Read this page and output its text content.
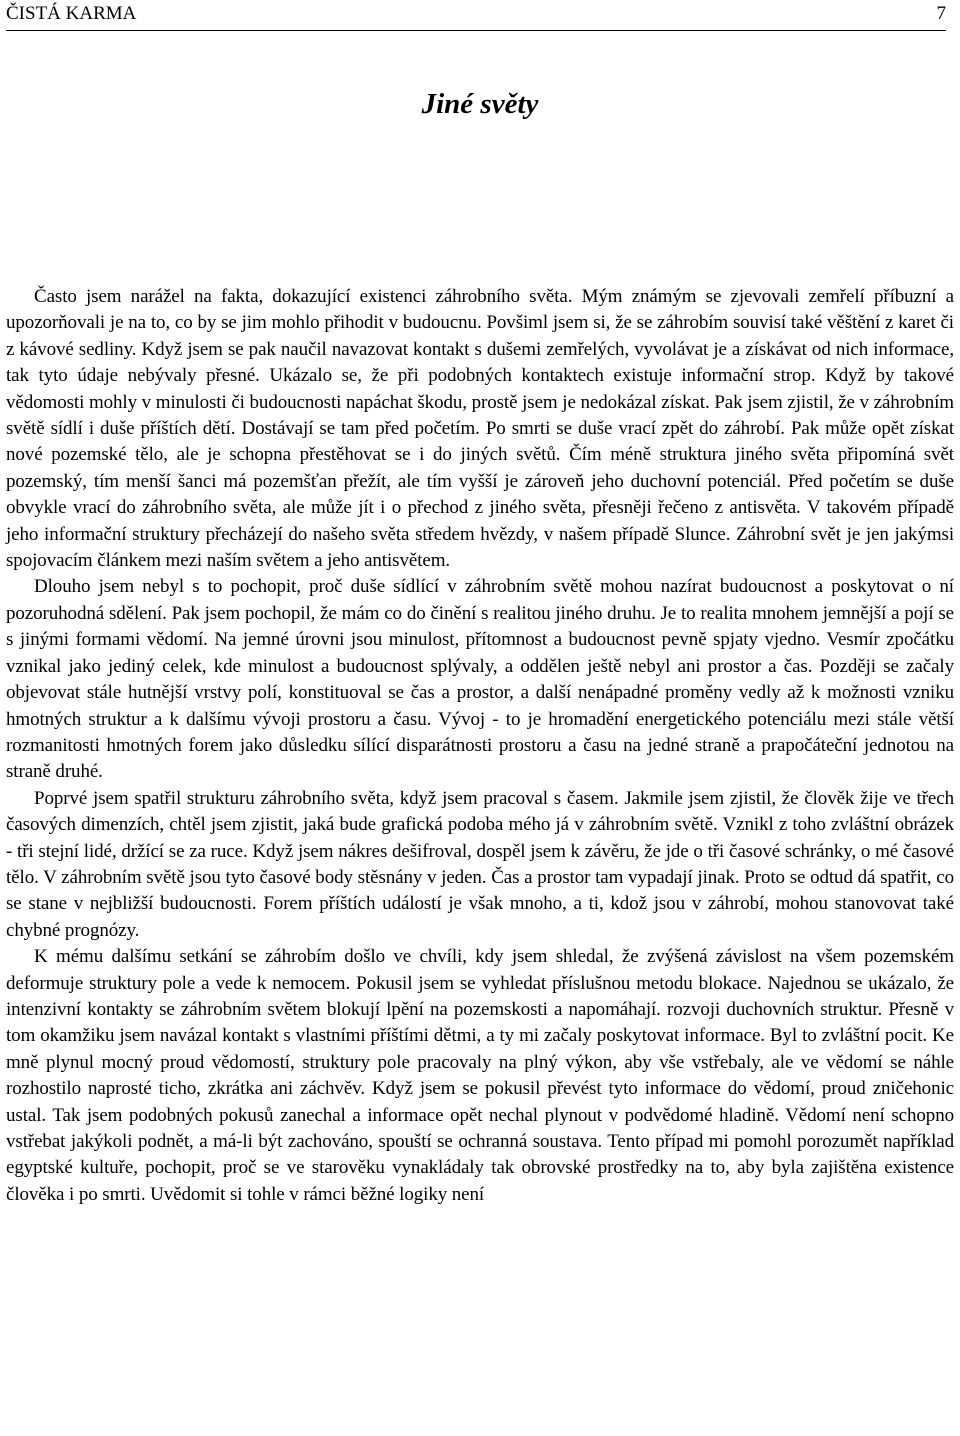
ČISTÁ KARMA	7
Jiné světy

Často jsem narážel na fakta, dokazující existenci záhrobního světa. Mým známým se zjevovali zemřelí příbuzní a upozorňovali je na to, co by se jim mohlo přihodit v budoucnu. Povšiml jsem si, že se záhrobím souvisí také věštění z karet či z kávové sedliny. Když jsem se pak naučil navazovat kontakt s dušemi zemřelých, vyvolávat je a získávat od nich informace, tak tyto údaje nebývaly přesné. Ukázalo se, že při podobných kontaktech existuje informační strop. Když by takové vědomosti mohly v minulosti či budoucnosti napáchat škodu, prostě jsem je nedokázal získat. Pak jsem zjistil, že v záhrobním světě sídlí i duše příštích dětí. Dostávají se tam před početím. Po smrti se duše vrací zpět do záhrobí. Pak může opět získat nové pozemské tělo, ale je schopna přestěhovat se i do jiných světů. Čím méně struktura jiného světa připomíná svět pozemský, tím menší šanci má pozemšťan přežít, ale tím vyšší je zároveň jeho duchovní potenciál. Před početím se duše obvykle vrací do záhrobního světa, ale může jít i o přechod z jiného světa, přesněji řečeno z antisvěta. V takovém případě jeho informační struktury přecházejí do našeho světa středem hvězdy, v našem případě Slunce. Záhrobní svět je jen jakýmsi spojovacím článkem mezi naším světem a jeho antisvětem.

Dlouho jsem nebyl s to pochopit, proč duše sídlící v záhrobním světě mohou nazírat budoucnost a poskytovat o ní pozoruhodná sdělení. Pak jsem pochopil, že mám co do činění s realitou jiného druhu. Je to realita mnohem jemnější a pojí se s jinými formami vědomí. Na jemné úrovni jsou minulost, přítomnost a budoucnost pevně spjaty vjedno. Vesmír zpočátku vznikal jako jediný celek, kde minulost a budoucnost splývaly, a oddělen ještě nebyl ani prostor a čas. Později se začaly objevovat stále hutnější vrstvy polí, konstituoval se čas a prostor, a další nenápadné proměny vedly až k možnosti vzniku hmotných struktur a k dalšímu vývoji prostoru a času. Vývoj - to je hromadění energetického potenciálu mezi stále větší rozmanitosti hmotných forem jako důsledku sílící disparátnosti prostoru a času na jedné straně a prapočáteční jednotou na straně druhé.

Poprvé jsem spatřil strukturu záhrobního světa, když jsem pracoval s časem. Jakmile jsem zjistil, že člověk žije ve třech časových dimenzích, chtěl jsem zjistit, jaká bude grafická podoba mého já v záhrobním světě. Vznikl z toho zvláštní obrázek - tři stejní lidé, držící se za ruce. Když jsem nákres dešifroval, dospěl jsem k závěru, že jde o tři časové schránky, o mé časové tělo. V záhrobním světě jsou tyto časové body stěsnány v jeden. Čas a prostor tam vypadají jinak. Proto se odtud dá spatřit, co se stane v nejbližší budoucnosti. Forem příštích událostí je však mnoho, a ti, kdož jsou v záhrobí, mohou stanovovat také chybné prognózy.

K mému dalšímu setkání se záhrobím došlo ve chvíli, kdy jsem shledal, že zvýšená závislost na všem pozemském deformuje struktury pole a vede k nemocem. Pokusil jsem se vyhledat příslušnou metodu blokace. Najednou se ukázalo, že intenzivní kontakty se záhrobním světem blokují lpění na pozemskosti a napomáhají. rozvoji duchovních struktur. Přesně v tom okamžiku jsem navázal kontakt s vlastními příštími dětmi, a ty mi začaly poskytovat informace. Byl to zvláštní pocit. Ke mně plynul mocný proud vědomostí, struktury pole pracovaly na plný výkon, aby vše vstřebaly, ale ve vědomí se náhle rozhostilo naprosté ticho, zkrátka ani záchvěv. Když jsem se pokusil převést tyto informace do vědomí, proud zničehonic ustal. Tak jsem podobných pokusů zanechal a informace opět nechal plynout v podvědomé hladině. Vědomí není schopno vstřebat jakýkoli podnět, a má-li být zachováno, spouští se ochranná soustava. Tento případ mi pomohl porozumět například egyptské kultuře, pochopit, proč se ve starověku vynakládaly tak obrovské prostředky na to, aby byla zajištěna existence člověka i po smrti. Uvědomit si tohle v rámci běžné logiky není
